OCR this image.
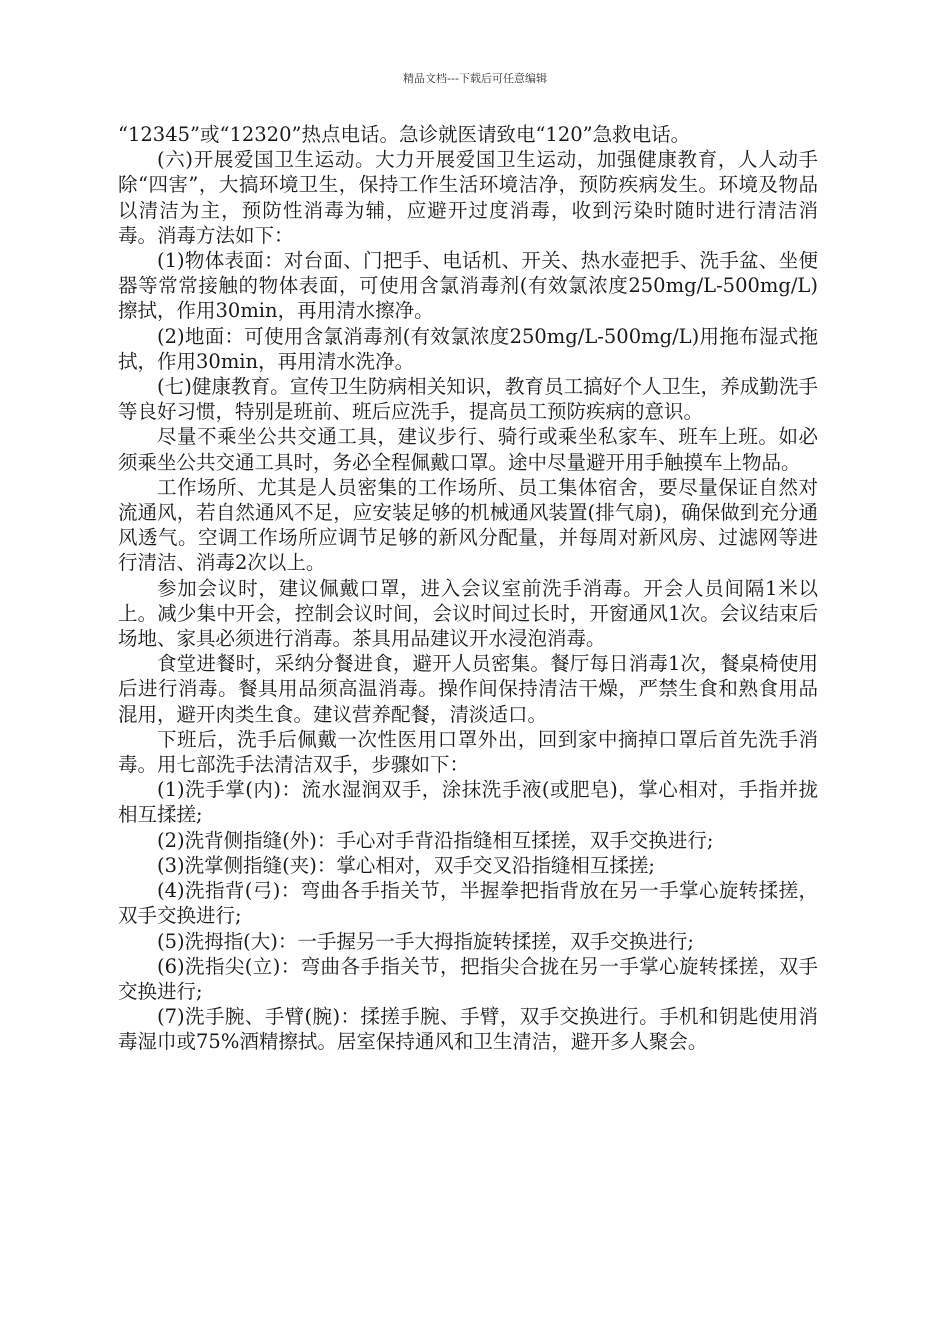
精品文档---下载后可任意编辑

“12345”或“12320”热点电话。急诊就医请致电“120”急救电话。

(六)开展爱国卫生运动。大力开展爱国卫生运动，加强健康教育，人人动手除“四害”，大搞环境卫生，保持工作生活环境洁净，预防疾病发生。环境及物品以清洁为主，预防性消毒为辅，应避开过度消毒，收到污染时随时进行清洁消毒。消毒方法如下：

(1)物体表面：对台面、门把手、电话机、开关、热水壶把手、洗手盆、坐便器等常常接触的物体表面，可使用含氯消毒剂(有效氯浓度250mg/L-500mg/L)擦拭，作用30min，再用清水擦净。

(2)地面：可使用含氯消毒剂(有效氯浓度250mg/L-500mg/L)用拖布湿式拖拭，作用30min，再用清水洗净。

(七)健康教育。宣传卫生防病相关知识，教育员工搞好个人卫生，养成勤洗手等良好习惯，特别是班前、班后应洗手，提高员工预防疾病的意识。

尽量不乘坐公共交通工具，建议步行、骑行或乘坐私家车、班车上班。如必须乘坐公共交通工具时，务必全程佩戴口罩。途中尽量避开用手触摸车上物品。

工作场所、尤其是人员密集的工作场所、员工集体宿舍，要尽量保证自然对流通风，若自然通风不足，应安装足够的机械通风装置(排气扇)，确保做到充分通风透气。空调工作场所应调节足够的新风分配量，并每周对新风房、过滤网等进行清洁、消毒2次以上。

参加会议时，建议佩戴口罩，进入会议室前洗手消毒。开会人员间隔1米以上。减少集中开会，控制会议时间，会议时间过长时，开窗通风1次。会议结束后场地、家具必须进行消毒。茶具用品建议开水浸泡消毒。

食堂进餐时，采纳分餐进食，避开人员密集。餐厅每日消毒1次，餐桌椅使用后进行消毒。餐具用品须高温消毒。操作间保持清洁干燥，严禁生食和熟食用品混用，避开肉类生食。建议营养配餐，清淡适口。

下班后，洗手后佩戴一次性医用口罩外出，回到家中摘掉口罩后首先洗手消毒。用七部洗手法清洁双手，步骤如下：

(1)洗手掌(内)：流水湿润双手，涂抹洗手液(或肥皂)，掌心相对，手指并拢相互揉搓;

(2)洗背侧指缝(外)：手心对手背沿指缝相互揉搓，双手交换进行;

(3)洗掌侧指缝(夹)：掌心相对，双手交叉沿指缝相互揉搓;

(4)洗指背(弓)：弯曲各手指关节，半握拳把指背放在另一手掌心旋转揉搓，双手交换进行;

(5)洗拇指(大)：一手握另一手大拇指旋转揉搓，双手交换进行;

(6)洗指尖(立)：弯曲各手指关节，把指尖合拢在另一手掌心旋转揉搓，双手交换进行;

(7)洗手腕、手臂(腕)：揉搓手腕、手臂，双手交换进行。手机和钥匙使用消毒湿巾或75%酒精擦拭。居室保持通风和卫生清洁，避开多人聚会。
